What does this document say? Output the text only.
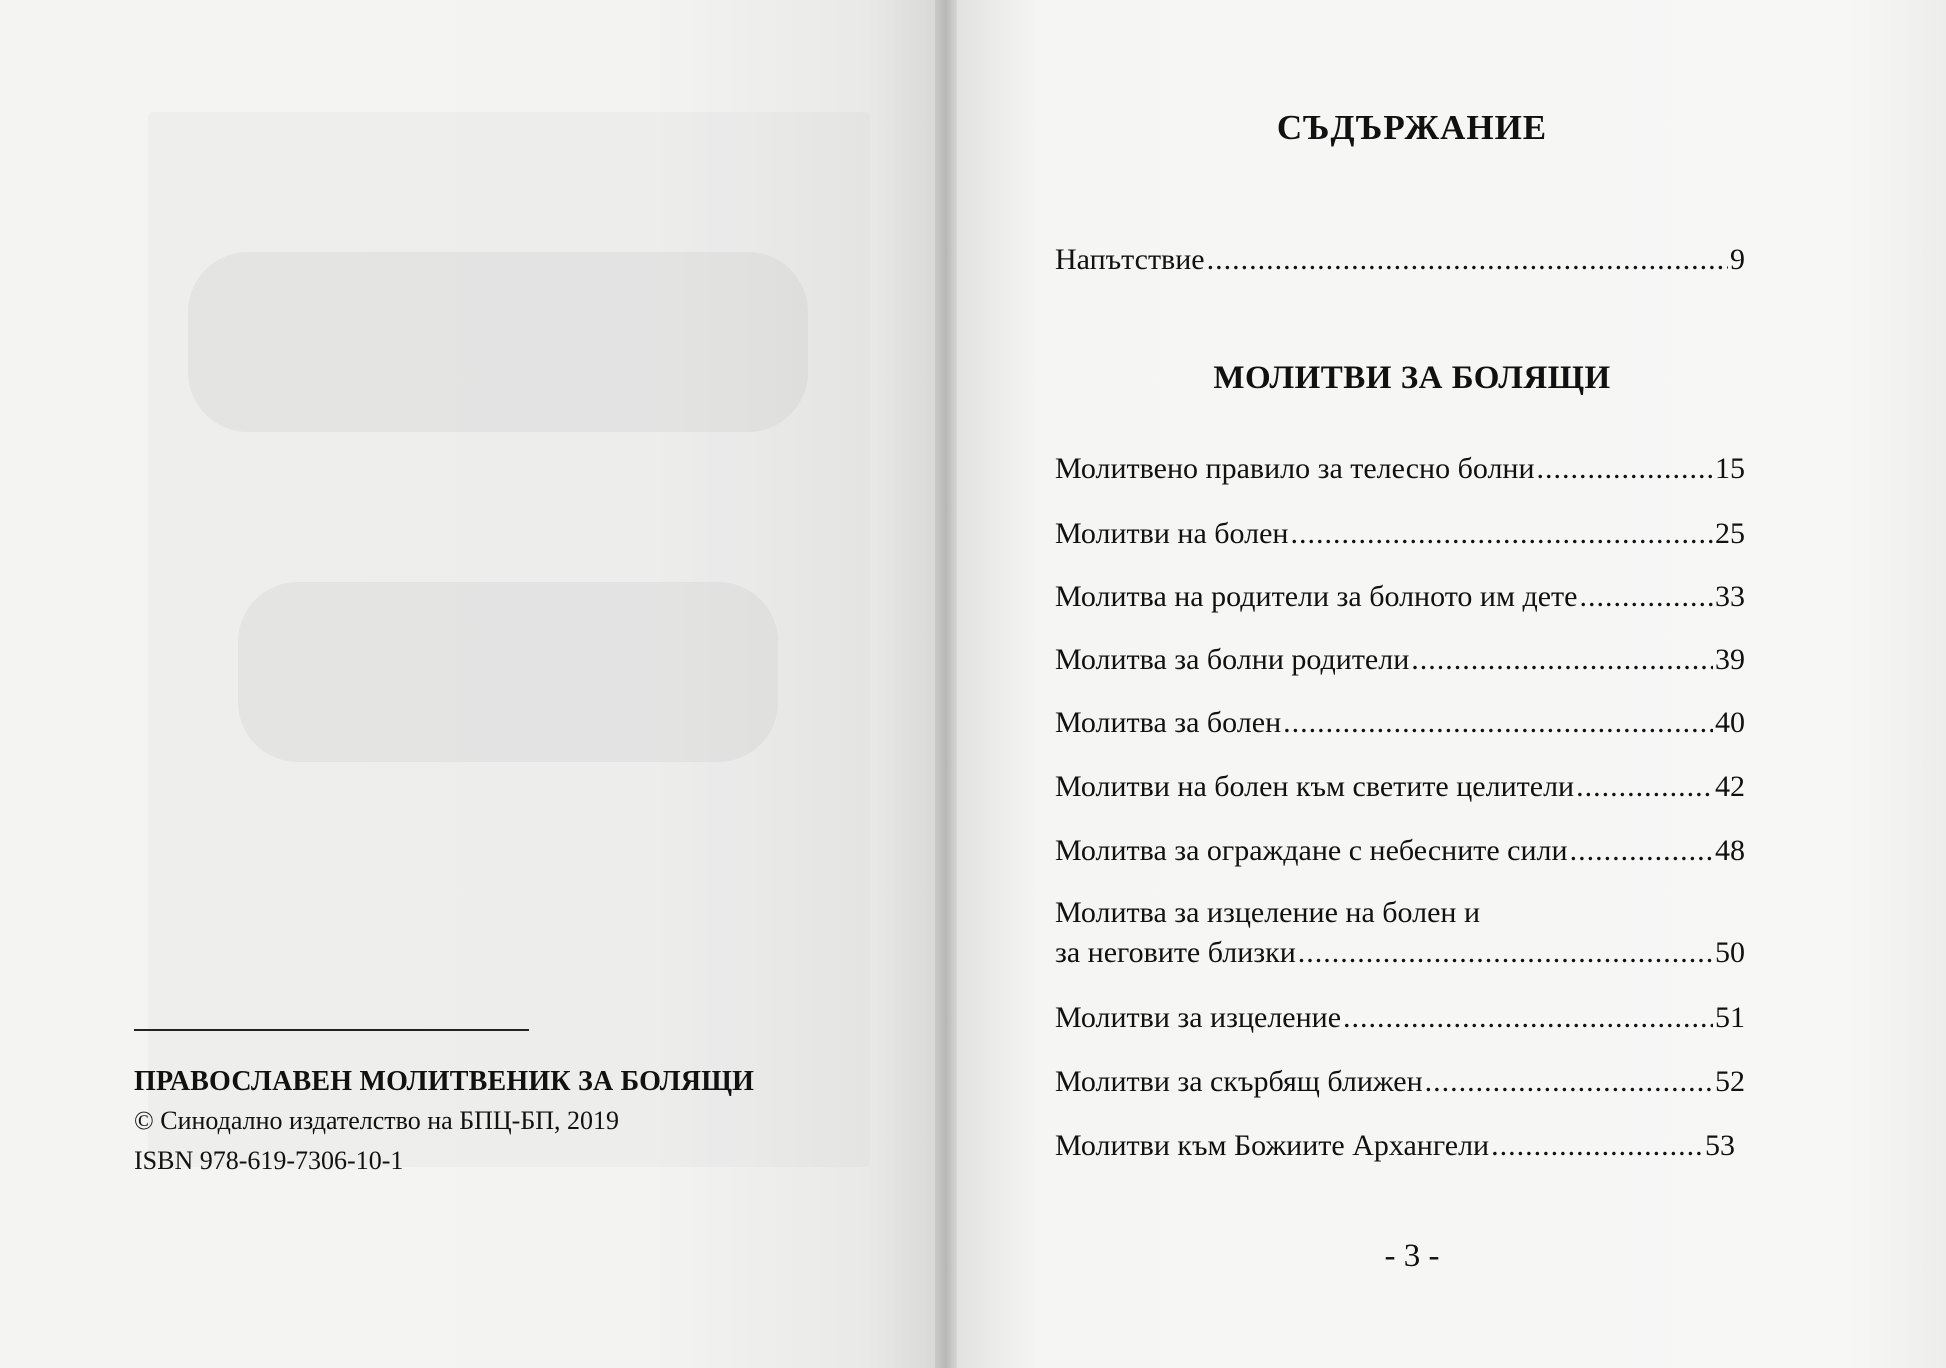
ПРАВОСЛАВЕН МОЛИТВЕНИК ЗА БОЛЯЩИ
© Синодално издателство на БПЦ-БП, 2019
ISBN 978-619-7306-10-1
СЪДЪРЖАНИЕ
Напътствие .....	9
МОЛИТВИ ЗА БОЛЯЩИ
Молитвено правило за телесно болни .....	15
Молитви на болен .....	25
Молитва на родители за болното им дете .....	33
Молитва за болни родители .....	39
Молитва за болен .....	40
Молитви на болен към светите целители .....	42
Молитва за ограждане с небесните сили .....	48
Молитва за изцеление на болен и
за неговите близки .....	50
Молитви за изцеление .....	51
Молитви за скърбящ ближен .....	52
Молитви към Божиите Архангели .....	53
- 3 -
